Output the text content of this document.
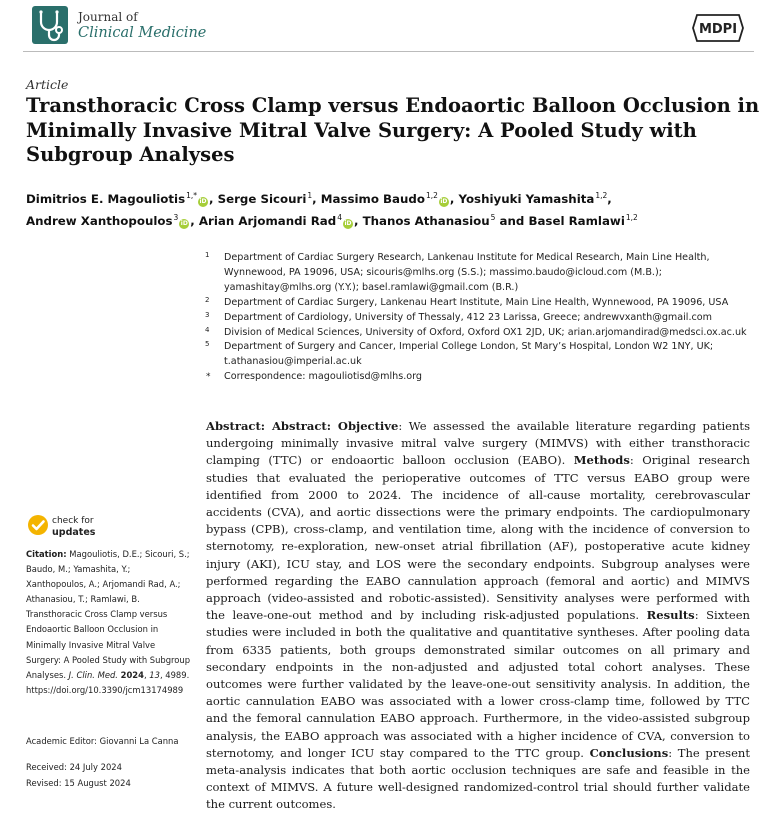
Journal of
Clinical Medicine	MDPI
Article
Transthoracic Cross Clamp versus Endoaortic Balloon Occlusion in Minimally Invasive Mitral Valve Surgery: A Pooled Study with Subgroup Analyses
Dimitrios E. Magouliotis$^{1,*}$iD , Serge Sicouri$^1$, Massimo Baudo$^{1,2}$iD , Yoshiyuki Yamashita$^{1,2}$,
Andrew Xanthopoulos$^3$iD , Arian Arjomandi Rad$^4$iD , Thanos Athanasiou$^5$ and Basel Ramlawi$^{1,2}$
1 Department of Cardiac Surgery Research, Lankenau Institute for Medical Research, Main Line Health, Wynnewood, PA 19096, USA; sicouris@mlhs.org (S.S.); massimo.baudo@icloud.com (M.B.); yamashitay@mlhs.org (Y.Y.); basel.ramlawi@gmail.com (B.R.)
2 Department of Cardiac Surgery, Lankenau Heart Institute, Main Line Health, Wynnewood, PA 19096, USA
3 Department of Cardiology, University of Thessaly, 412 23 Larissa, Greece; andrewvxanth@gmail.com
4 Division of Medical Sciences, University of Oxford, Oxford OX1 2JD, UK; arian.arjomandirad@medsci.ox.ac.uk
5 Department of Surgery and Cancer, Imperial College London, St Mary’s Hospital, London W2 1NY, UK; t.athanasiou@imperial.ac.uk
* Correspondence: magouliotisd@mlhs.org
Abstract: Abstract: Objective: We assessed the available literature regarding patients undergoing minimally invasive mitral valve surgery (MIMVS) with either transthoracic clamping (TTC) or endoaortic balloon occlusion (EABO). Methods: Original research studies that evaluated the perioperative outcomes of TTC versus EABO group were identified from 2000 to 2024. The incidence of all-cause mortality, cerebrovascular accidents (CVA), and aortic dissections were the primary endpoints. The cardiopulmonary bypass (CPB), cross-clamp, and ventilation time, along with the incidence of conversion to sternotomy, re-exploration, new-onset atrial fibrillation (AF), postoperative acute kidney injury (AKI), ICU stay, and LOS were the secondary endpoints. Subgroup analyses were performed regarding the EABO cannulation approach (femoral and aortic) and MIMVS approach (video-assisted and robotic-assisted). Sensitivity analyses were performed with the leave-one-out method and by including risk-adjusted populations. Results: Sixteen studies were included in both the qualitative and quantitative syntheses. After pooling data from 6335 patients, both groups demonstrated similar outcomes on all primary and secondary endpoints in the non-adjusted and adjusted total cohort analyses. These outcomes were further validated by the leave-one-out sensitivity analysis. In addition, the aortic cannulation EABO was associated with a lower cross-clamp time, followed by TTC and the femoral cannulation EABO approach. Furthermore, in the video-assisted subgroup analysis, the EABO approach was associated with a higher incidence of CVA, conversion to sternotomy, and longer ICU stay compared to the TTC group. Conclusions: The present meta-analysis indicates that both aortic occlusion techniques are safe and feasible in the context of MIMVS. A future well-designed randomized-control trial should further validate the current outcomes.
check for
updates
Citation: Magouliotis, D.E.; Sicouri, S.; Baudo, M.; Yamashita, Y.; Xanthopoulos, A.; Arjomandi Rad, A.; Athanasiou, T.; Ramlawi, B. Transthoracic Cross Clamp versus Endoaortic Balloon Occlusion in Minimally Invasive Mitral Valve Surgery: A Pooled Study with Subgroup Analyses. J. Clin. Med. 2024, 13, 4989. https://doi.org/10.3390/jcm13174989
Academic Editor: Giovanni La Canna
Received: 24 July 2024
Revised: 15 August 2024
